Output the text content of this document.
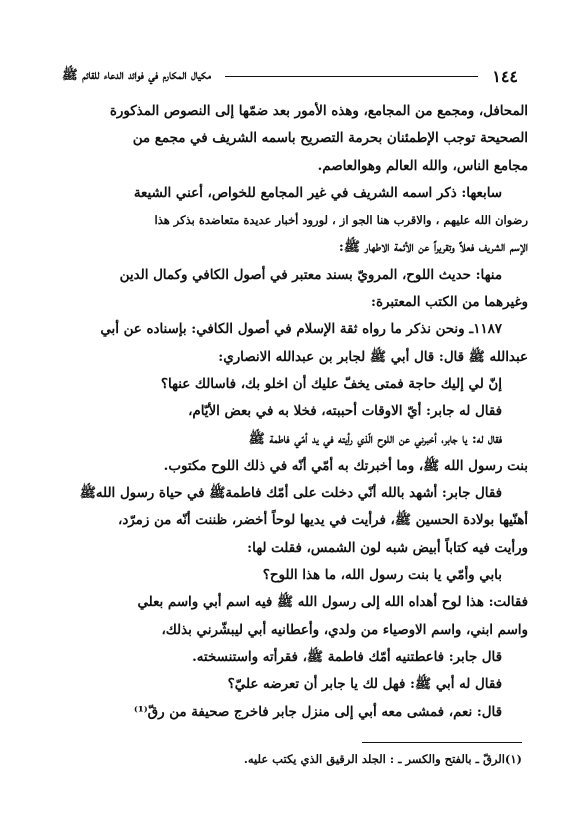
١٤٤
مكيال المكارم في فوائد الدعاء للقائم ﷺ
المحافل، ومجمع من المجامع، وهذه الأمور بعد ضمّها إلى النصوص المذكورة
الصحيحة توجب الإطمئنان بحرمة التصريح باسمه الشريف في مجمع من
مجامع الناس، والله العالم وهوالعاصم.
سابعها: ذكر اسمه الشريف في غير المجامع للخواص، أعني الشيعة
رضوان الله عليهم ، والاقرب هنا الجو از ، لورود أخبار عديدة متعاضدة بذكر هذا
الإسم الشريف فعلاً وتقريراً عن الأئمة الاطهار ﷺ:
منها: حديث اللوح، المرويّ بسند معتبر في أصول الكافي وكمال الدين
وغيرهما من الكتب المعتبرة:
١١٨٧ـ ونحن نذكر ما رواه ثقة الإسلام في أصول الكافي: بإسناده عن أبي
عبدالله ﷺ قال: قال أبي ﷺ لجابر بن عبدالله الانصاري:
إنّ لي إليك حاجة فمتى يخفّ عليك أن اخلو بك، فاسالك عنها؟
فقال له جابر: أيّ الاوقات أحببته، فخلا به في بعض الأيّام،
فقال له: يا جابر، أخبرني عن اللوح الّذي رأيته في يد أمّي فاطمة ﷺ
بنت رسول الله ﷺ، وما أخبرتك به أمّي أنّه في ذلك اللوح مكتوب.
فقال جابر: أشهد بالله أنّي دخلت على أمّك فاطمةﷺ في حياة رسول اللهﷺ
أهنّيها بولادة الحسين ﷺ، فرأيت في يديها لوحاً أخضر، ظننت أنّه من زمرّد،
ورأيت فيه كتاباً أبيض شبه لون الشمس، فقلت لها:
بابي وأمّي يا بنت رسول الله، ما هذا اللوح؟
فقالت: هذا لوح أهداه الله إلى رسول الله ﷺ فيه اسم أبي واسم بعلي
واسم ابني، واسم الاوصياء من ولدي، وأعطانيه أبي ليبشّرني بذلك،
قال جابر: فاعطتنيه أمّك فاطمة ﷺ، فقرأته واستنسخته.
فقال له أبي ﷺ: فهل لك يا جابر أن تعرضه عليّ؟
قال: نعم، فمشى معه أبي إلى منزل جابر فاخرج صحيفة من رقّ⁽¹⁾
(١)الرقّ ـ بالفتح والكسر ـ : الجلد الرقيق الذي يكتب عليه.
